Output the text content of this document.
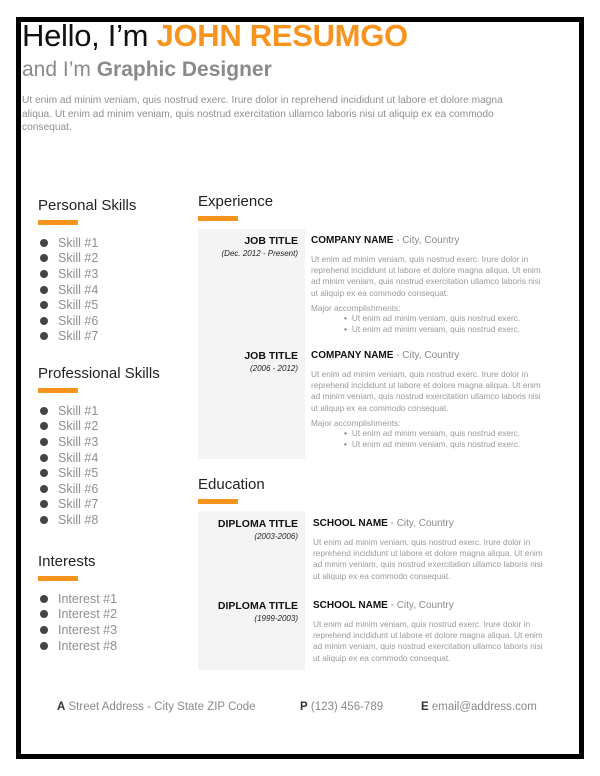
Hello, I’m JOHN RESUMGO
and I’m Graphic Designer
Ut enim ad minim veniam, quis nostrud exerc. Irure dolor in reprehend incididunt ut labore et dolore magna aliqua. Ut enim ad minim veniam, quis nostrud exercitation ullamco laboris nisi ut aliquip ex ea commodo consequat.
Personal Skills
Skill #1
Skill #2
Skill #3
Skill #4
Skill #5
Skill #6
Skill #7
Professional Skills
Skill #1
Skill #2
Skill #3
Skill #4
Skill #5
Skill #6
Skill #7
Skill #8
Interests
Interest #1
Interest #2
Interest #3
Interest #8
Experience
JOB TITLE
(Dec. 2012 - Present)
COMPANY NAME - City, Country
Ut enim ad minim veniam, quis nostrud exerc. Irure dolor in reprehend incididunt ut labore et dolore magna aliqua. Ut enim ad minim veniam, quis nostrud exercitation ullamco laboris nisi ut aliquip ex ea commodo consequat.
Major accomplishments:
• Ut enim ad minim veniam, quis nostrud exerc.
• Ut enim ad minim veniam, quis nostrud exerc.
JOB TITLE
(2006 - 2012)
COMPANY NAME - City, Country
Ut enim ad minim veniam, quis nostrud exerc. Irure dolor in reprehend incididunt ut labore et dolore magna aliqua. Ut enim ad minim veniam, quis nostrud exercitation ullamco laboris nisi ut aliquip ex ea commodo consequat.
Major accomplishments:
• Ut enim ad minim veniam, quis nostrud exerc.
• Ut enim ad minim veniam, quis nostrud exerc.
Education
DIPLOMA TITLE
(2003-2006)
SCHOOL NAME - City, Country
Ut enim ad minim veniam, quis nostrud exerc. Irure dolor in reprehend incididunt ut labore et dolore magna aliqua. Ut enim ad minim veniam, quis nostrud exercitation ullamco laboris nisi ut aliquip ex ea commodo consequat.
DIPLOMA TITLE
(1999-2003)
SCHOOL NAME - City, Country
Ut enim ad minim veniam, quis nostrud exerc. Irure dolor in reprehend incididunt ut labore et dolore magna aliqua. Ut enim ad minim veniam, quis nostrud exercitation ullamco laboris nisi ut aliquip ex ea commodo consequat.
A Street Address - City State ZIP Code	P (123) 456-789	E email@address.com
